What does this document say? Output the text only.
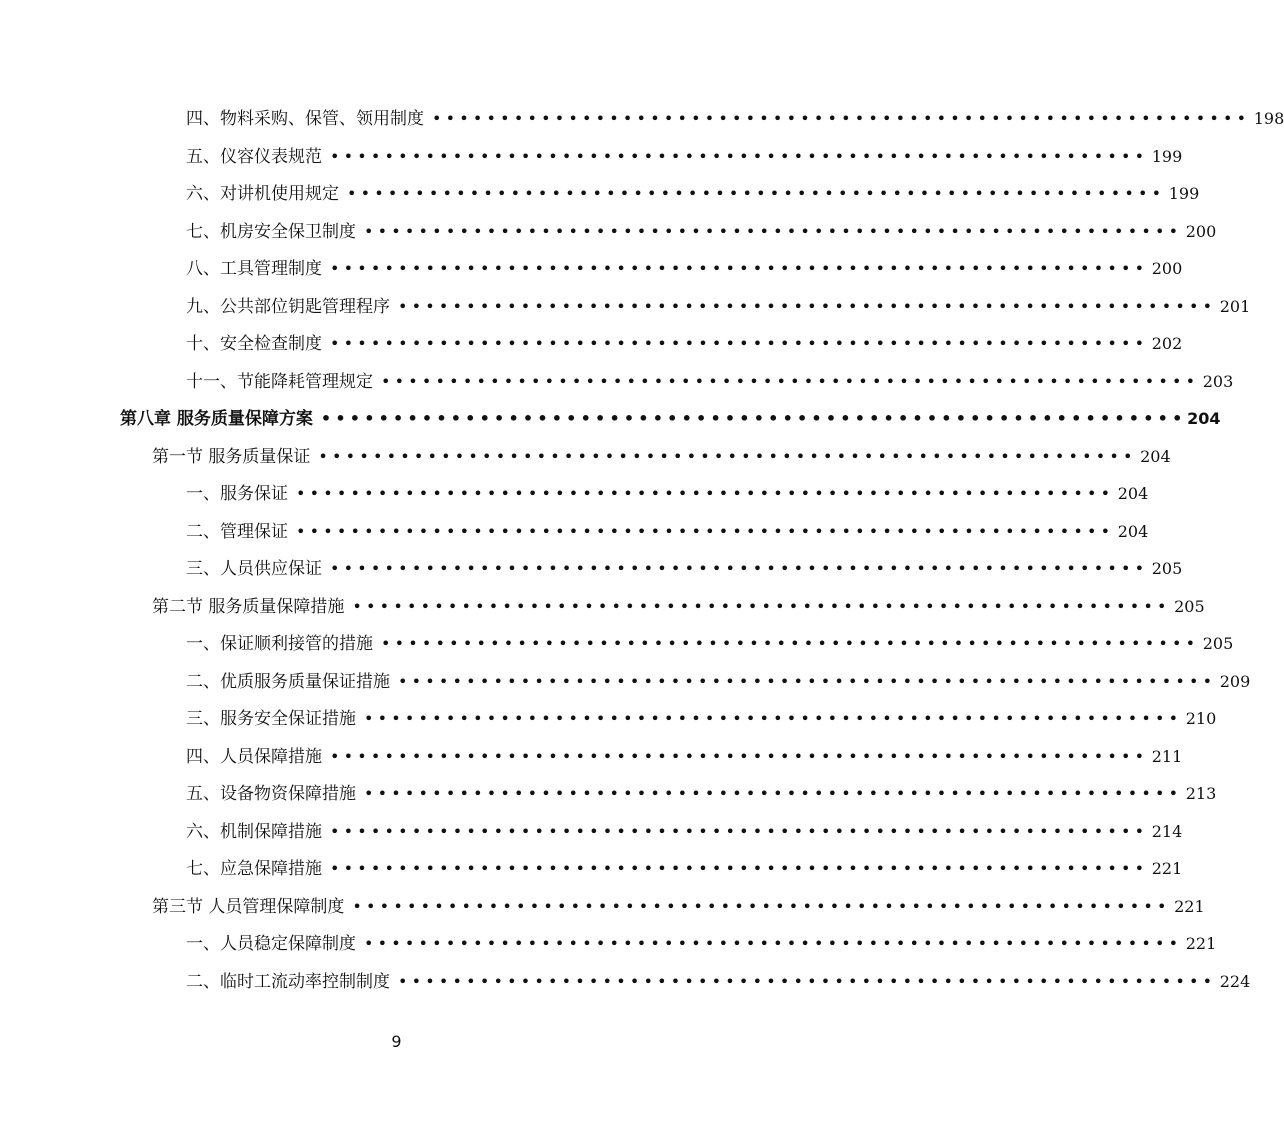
四、物料采购、保管、领用制度 •••••••••••••••••••••••••••••••••••••••••••••••••••••••••••• 198
五、仪容仪表规范 •••••••••••••••••••••••••••••••••••••••••••••••••••••••••••• 199
六、对讲机使用规定 •••••••••••••••••••••••••••••••••••••••••••••••••••••••••••• 199
七、机房安全保卫制度 •••••••••••••••••••••••••••••••••••••••••••••••••••••••••••• 200
八、工具管理制度 •••••••••••••••••••••••••••••••••••••••••••••••••••••••••••• 200
九、公共部位钥匙管理程序 •••••••••••••••••••••••••••••••••••••••••••••••••••••••••••• 201
十、安全检查制度 •••••••••••••••••••••••••••••••••••••••••••••••••••••••••••• 202
十一、节能降耗管理规定 •••••••••••••••••••••••••••••••••••••••••••••••••••••••••••• 203
第八章 服务质量保障方案 •••••••••••••••••••••••••••••••••••••••••••••••••••••••••••• 204
第一节 服务质量保证 •••••••••••••••••••••••••••••••••••••••••••••••••••••••••••• 204
一、服务保证 •••••••••••••••••••••••••••••••••••••••••••••••••••••••••••• 204
二、管理保证 •••••••••••••••••••••••••••••••••••••••••••••••••••••••••••• 204
三、人员供应保证 •••••••••••••••••••••••••••••••••••••••••••••••••••••••••••• 205
第二节 服务质量保障措施 •••••••••••••••••••••••••••••••••••••••••••••••••••••••••••• 205
一、保证顺利接管的措施 •••••••••••••••••••••••••••••••••••••••••••••••••••••••••••• 205
二、优质服务质量保证措施 •••••••••••••••••••••••••••••••••••••••••••••••••••••••••••• 209
三、服务安全保证措施 •••••••••••••••••••••••••••••••••••••••••••••••••••••••••••• 210
四、人员保障措施 •••••••••••••••••••••••••••••••••••••••••••••••••••••••••••• 211
五、设备物资保障措施 •••••••••••••••••••••••••••••••••••••••••••••••••••••••••••• 213
六、机制保障措施 •••••••••••••••••••••••••••••••••••••••••••••••••••••••••••• 214
七、应急保障措施 •••••••••••••••••••••••••••••••••••••••••••••••••••••••••••• 221
第三节 人员管理保障制度 •••••••••••••••••••••••••••••••••••••••••••••••••••••••••••• 221
一、人员稳定保障制度 •••••••••••••••••••••••••••••••••••••••••••••••••••••••••••• 221
二、临时工流动率控制制度 •••••••••••••••••••••••••••••••••••••••••••••••••••••••••••• 224
9
